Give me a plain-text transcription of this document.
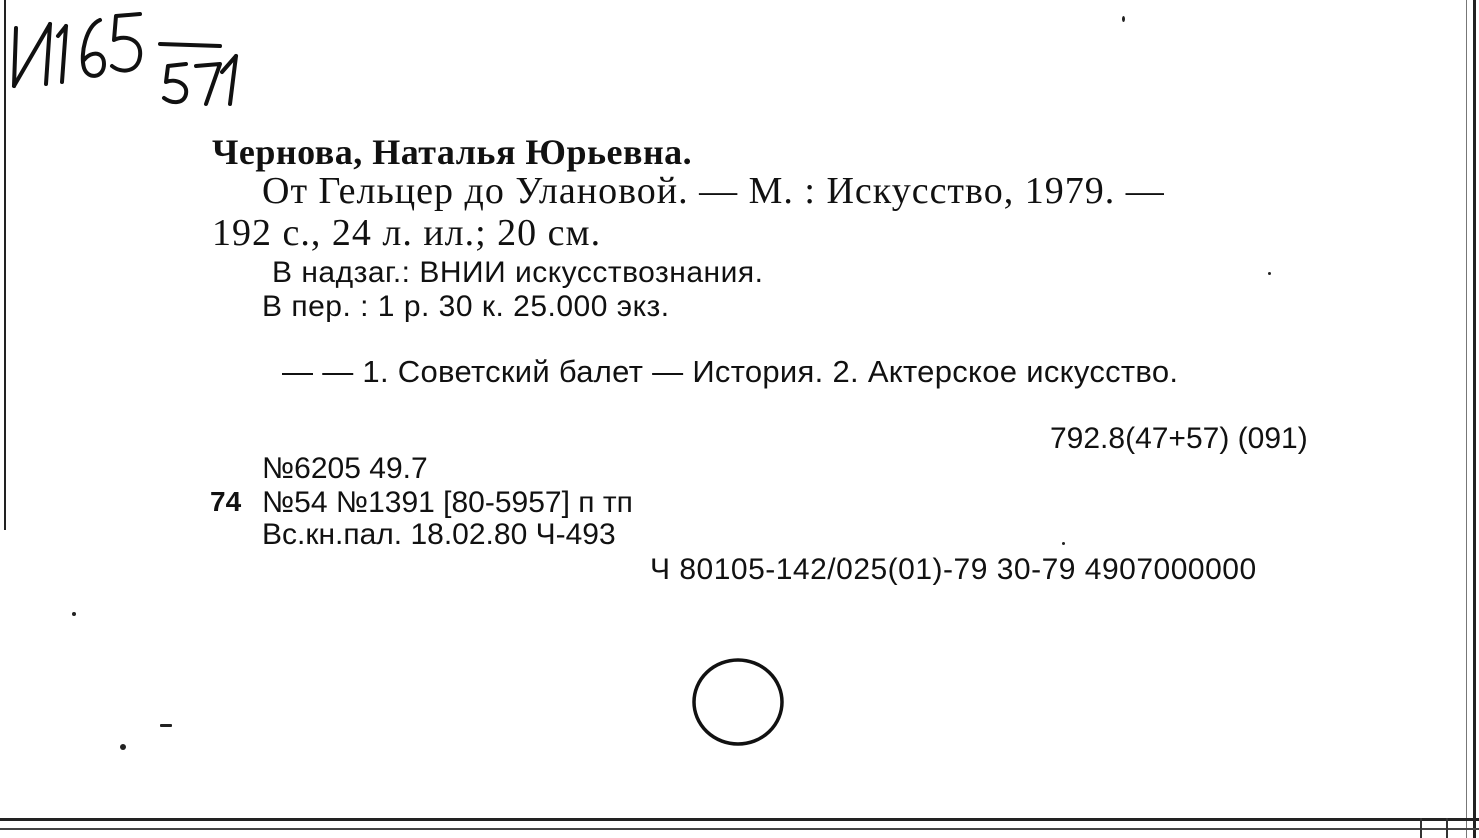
Чернова, Наталья Юрьевна.
От Гельцер до Улановой. — М. : Искусство, 1979. —
192 с., 24 л. ил.; 20 см.
В надзаг.: ВНИИ искусствознания.
В пер. : 1 р. 30 к. 25.000 экз.
— — 1. Советский балет — История. 2. Актерское искусство.
792.8(47+57) (091)
№6205 49.7
74 №54 №1391 [80-5957] п тп
Вс.кн.пал. 18.02.80 Ч-493
Ч 80105-142/025(01)-79 30-79 4907000000
